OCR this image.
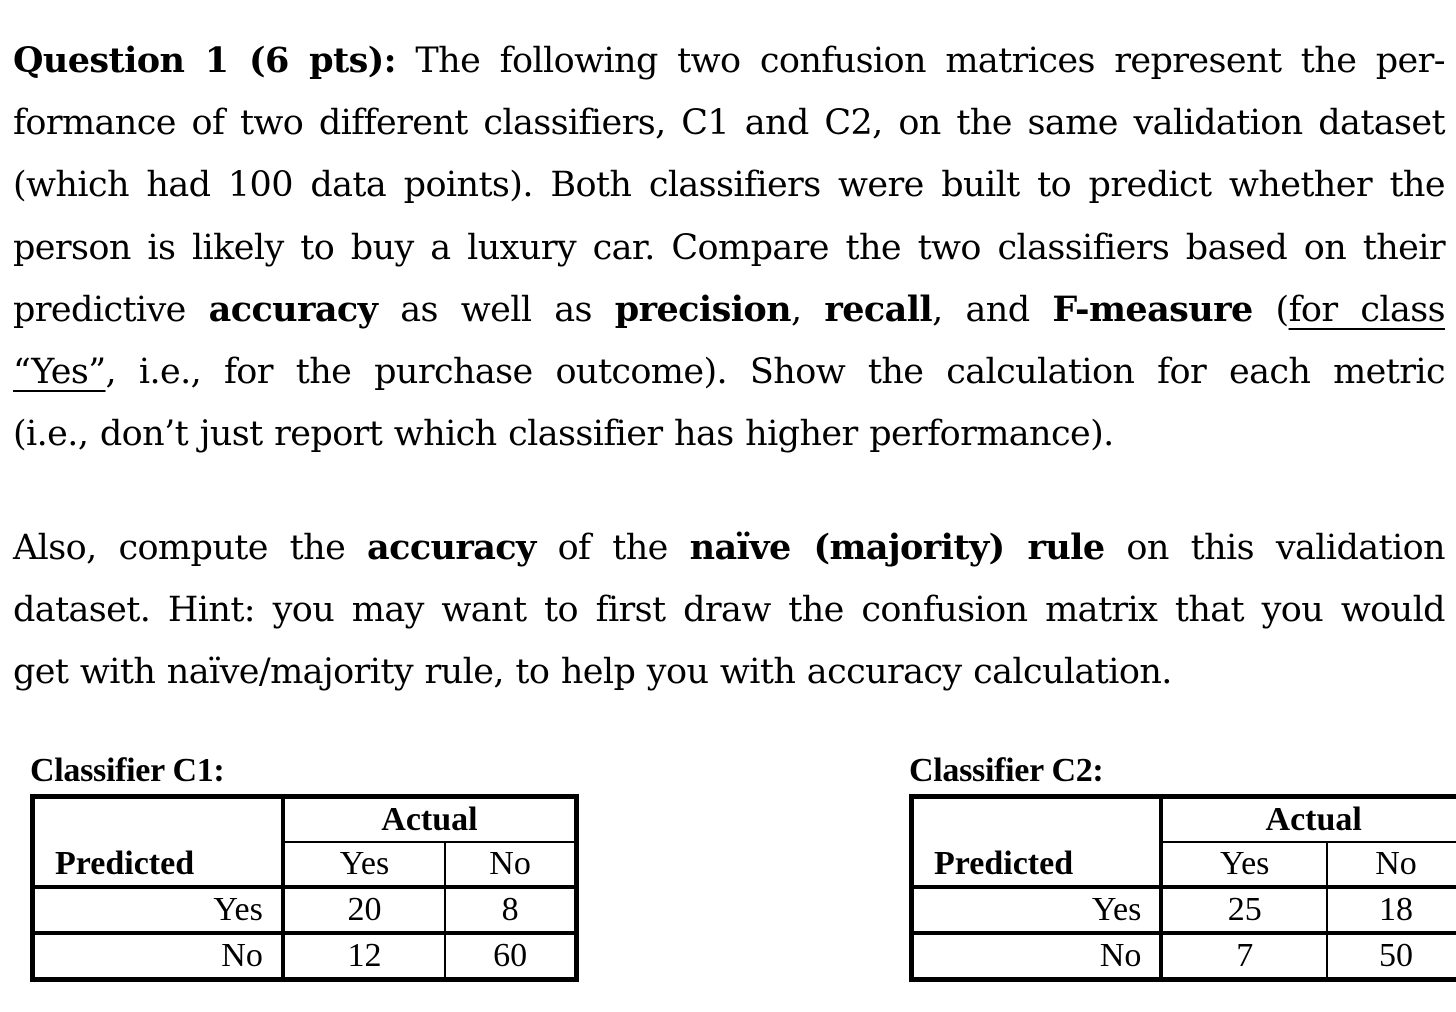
Question 1 (6 pts): The following two confusion matrices represent the per-
formance of two different classifiers, C1 and C2, on the same validation dataset
(which had 100 data points). Both classifiers were built to predict whether the
person is likely to buy a luxury car. Compare the two classifiers based on their
predictive accuracy as well as precision, recall, and F-measure (for class
“Yes”, i.e., for the purchase outcome). Show the calculation for each metric
(i.e., don’t just report which classifier has higher performance).
Also, compute the accuracy of the naïve (majority) rule on this validation
dataset. Hint: you may want to first draw the confusion matrix that you would
get with naïve/majority rule, to help you with accuracy calculation.
Classifier C1:
	Actual	
Predicted	Yes	No
Yes	20	8
No	12	60
Classifier C2:
	Actual	
Predicted	Yes	No
Yes	25	18
No	7	50
